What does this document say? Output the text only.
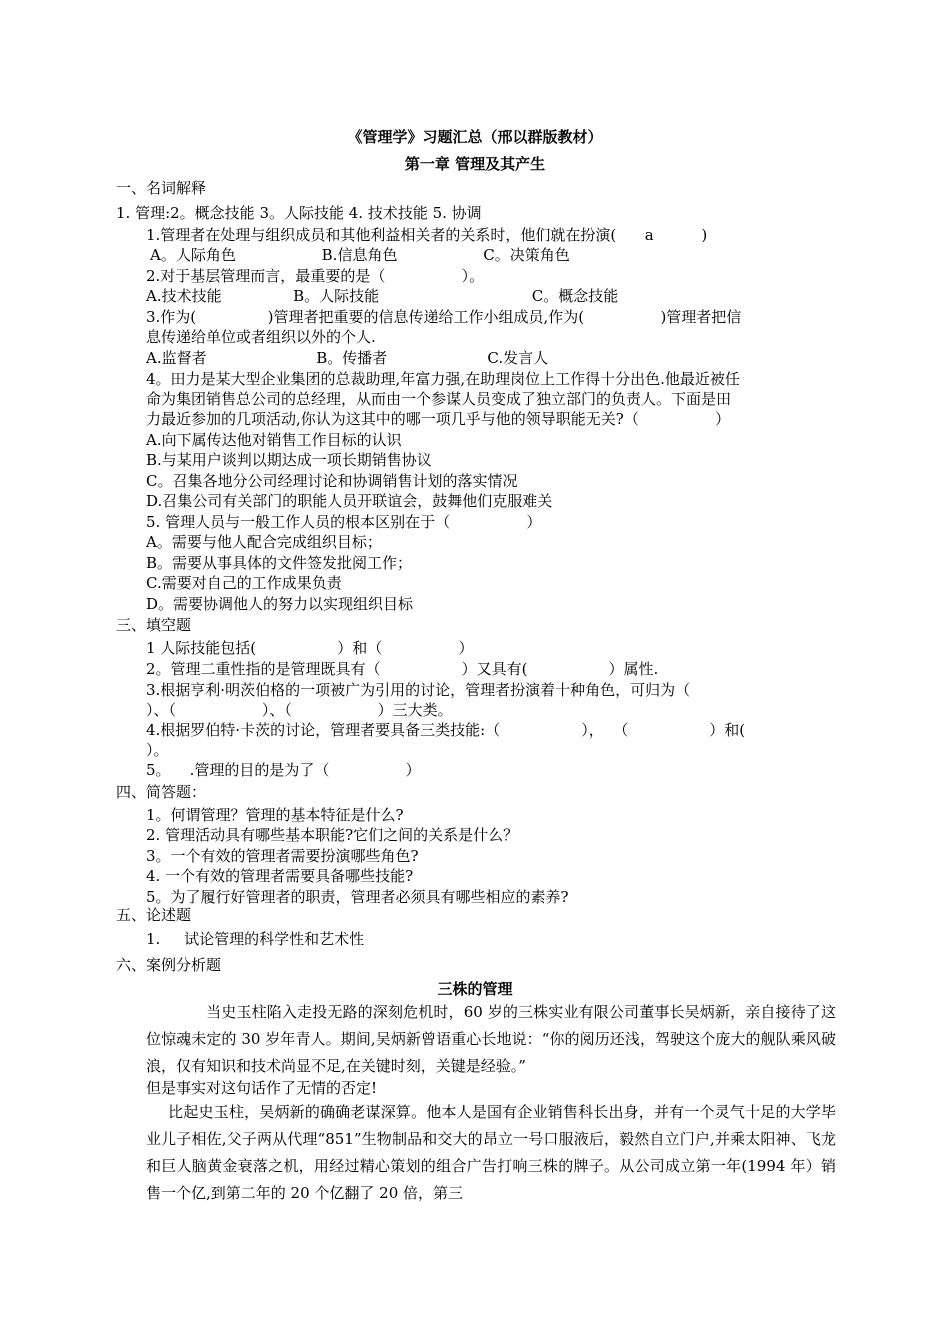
《管理学》习题汇总（邢以群版教材）
第一章 管理及其产生
一、名词解释
1. 管理:2。概念技能 3。人际技能 4. 技术技能 5. 协调
1.管理者在处理与组织成员和其他利益相关者的关系时，他们就在扮演(      a          )
A。人际角色                  B.信息角色                  C。决策角色
2.对于基层管理而言，最重要的是（                ）。
A.技术技能               B。人际技能                                C。概念技能
3.作为(               )管理者把重要的信息传递给工作小组成员,作为(                )管理者把信
息传递给单位或者组织以外的个人.
A.监督者                       B。传播者                     C.发言人
4。田力是某大型企业集团的总裁助理,年富力强,在助理岗位上工作得十分出色.他最近被任
命为集团销售总公司的总经理，从而由一个参谋人员变成了独立部门的负责人。下面是田
力最近参加的几项活动,你认为这其中的哪一项几乎与他的领导职能无关?（                ）
A.向下属传达他对销售工作目标的认识
B.与某用户谈判以期达成一项长期销售协议
C。召集各地分公司经理讨论和协调销售计划的落实情况
D.召集公司有关部门的职能人员开联谊会，鼓舞他们克服难关
5. 管理人员与一般工作人员的根本区别在于（                ）
A。需要与他人配合完成组织目标；
B。需要从事具体的文件签发批阅工作；
C.需要对自己的工作成果负责
D。需要协调他人的努力以实现组织目标
三、填空题
1 人际技能包括(                 ）和（                ）
2。管理二重性指的是管理既具有（                 ）又具有(                 ）属性.
3.根据亨利·明茨伯格的一项被广为引用的讨论，管理者扮演着十种角色，可归为（
）、（                  ）、（                  ）三大类。
4.根据罗伯特·卡茨的讨论，管理者要具备三类技能:（                 ），  （                 ）和(
）。
5。    .管理的目的是为了（                ）
四、简答题：
1。何谓管理？管理的基本特征是什么?
2. 管理活动具有哪些基本职能?它们之间的关系是什么？
3。一个有效的管理者需要扮演哪些角色?
4. 一个有效的管理者需要具备哪些技能?
5。为了履行好管理者的职责，管理者必须具有哪些相应的素养?
五、论述题
1.     试论管理的科学性和艺术性
六、案例分析题
三株的管理
当史玉柱陷入走投无路的深刻危机时，60 岁的三株实业有限公司董事长吴炳新，亲自接待了这位惊魂未定的 30 岁年青人。期间,吴炳新曾语重心长地说：“你的阅历还浅，驾驶这个庞大的舰队乘风破浪，仅有知识和技术尚显不足,在关键时刻，关键是经验。”
但是事实对这句话作了无情的否定!
比起史玉柱，吴炳新的确确老谋深算。他本人是国有企业销售科长出身，并有一个灵气十足的大学毕业儿子相佐,父子两从代理“851”生物制品和交大的昂立一号口服液后，毅然自立门户,并乘太阳神、飞龙和巨人脑黄金衰落之机，用经过精心策划的组合广告打响三株的牌子。从公司成立第一年(1994 年）销售一个亿,到第二年的 20 个亿翻了 20 倍，第三
